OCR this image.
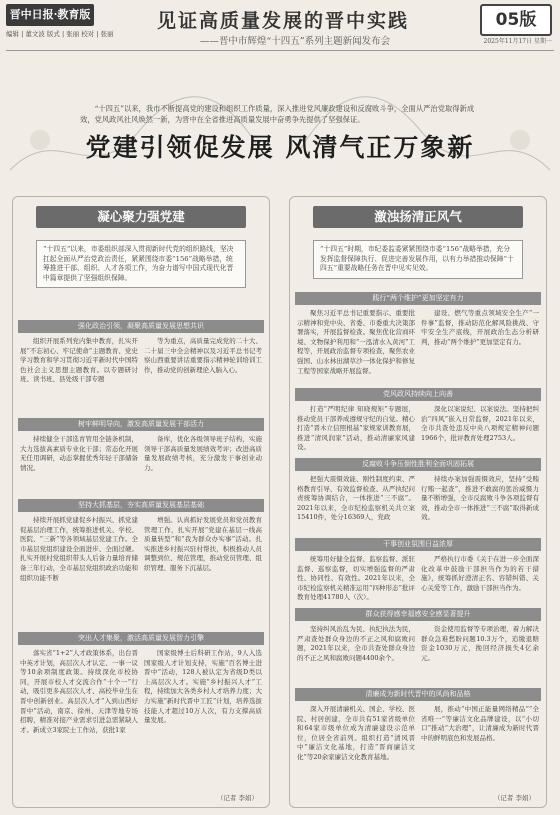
晋中日报·教育版
编辑 | 董文波 版式 | 张丽 校对 | 张丽
见证高质量发展的晋中实践
——晋中市辉煌“十四五”系列主题新闻发布会
05版
2025年11月17日 星期一

“十四五”以来，我市不断提高党的建设和组织工作质量，深入推进党风廉政建设和反腐败斗争，全面从严治党取得新成效，党风政风社风焕然一新，为晋中在全省推进高质量发展中奋勇争先提供了坚强保证。

党建引领促发展 风清气正万象新
凝心聚力强党建
“十四五”以来，市委组织部深入贯彻新时代党的组织路线，坚决扛起全面从严治党政治责任，紧紧围绕市委“156”战略举措，统筹推进干部、组织、人才各项工作，为奋力谱写中国式现代化晋中篇章提供了坚强组织保障。
强化政治引领，凝聚高质量发展思想共识

组织开展系列党内集中教育，扎实开展“不忘初心、牢记使命”主题教育、党史学习教育和学习贯彻习近平新时代中国特色社会主义思想主题教育。以专题研讨班、读书班、县处级干部专题

等为重点，高质量完成党的二十大、二十届三中全会精神以及习近平总书记考察山西重要讲话重要指示精神轮训培训工作，推动党的创新理论入脑入心。

树牢鲜明导向，激发高质量发展干部活力

持续健全干部选育管用全链条机制，大力选拔高素质专业化干部；常态化开展无任用调研，动态掌握优秀年轻干部储备情况。

备库，优化各级领导班子结构，实施领导干部高质量发展绩效考评；改进高质量发展政绩考核，充分激发干事创业动力。

坚持大抓基层，夯实高质量发展基层基础

持续开展抓党建促乡村振兴、抓党建促基层治理工作，统筹推进机关、学校、医院、“三新”等各领域基层党建工作。全市基层党组织建设全面进步、全面过硬。扎实开展村党组织带头人后备力量培育储备三年行动，全市基层党组织政治功能和组织功能不断

增强。认真抓好发展党员和党员教育管理工作，扎实开展“党建在基层一线高质量转型”和“我为群众办实事”活动。扎实推进乡村振兴驻村帮扶，积极推动人员调整到位、规范管理，推动党员管理、组织管理、服务下沉基层。

突出人才集聚，激活高质量发展智力引擎

落实省“1+2”人才政策体系，出台晋中英才计划，高层次人才认定、一事一议等10余项制度政策。持续深化市校协同，开展市校人才交流合作“十个一”行动，吸引更多高层次人才、高校毕业生在晋中创新创业。高层次人才“入到山西好晋中”活动，南京、徐州、天津等地专场招聘，精准对接产业需求引进急需紧缺人才。新成立3家院士工作站，获批1家

国家级博士后科研工作站，9人入选国家级人才计划支持，实施“百名博士进晋中”活动，128人被认定为省级D类以上高层次人才。实施“乡村振兴人才”工程，持续加大各类乡村人才培养力度；大力实施“新时代晋中工匠”计划，培养选拔技能人才超过10万人次，有力支撑高质量发展。

（记者 李娟）
激浊扬清正风气
“十四五”时期，市纪委监委紧紧围绕市委“156”战略举措，充分发挥监督保障执行、促进完善发展作用，以有力举措推动保障“十四五”重要战略任务在晋中见实见效。
践行“两个维护”更加坚定有力

聚焦习近平总书记重要指示、重要批示精神和党中央、省委、市委重大决策部署落实，开展监督检查。聚焦优化营商环境、文物保护利用和“一泓清水入黄河”工程等，开展政治监督专项检查，聚焦农业强国、山水林田湖草沙一体化保护和修复工程等国家战略开展监督。

建设、燃气等重点领域安全生产“一件事”监督，推动防范化解风险挑战、守牢安全生产底线，开展政治生态分析研判，推动“两个维护”更加坚定有力。

党风政风持续向上向善

打造“严明纪律 知晓规矩”专题展，推动党员干部养成遵规守纪的自觉。精心打造“晋木立信照根基”家规家训教育展，推进“清风润家”活动，推动清廉家风建设。

深化以案说纪、以案说法。坚持把纠治“四风”嵌入日常监督，2021年以来，全市共查处违反中央八项规定精神问题1966个，批评教育处理2753人。

反腐败斗争压倒性胜利全面巩固拓展

把强大震慑效能、刚性制度约束、严格教育引导、有效监督检查、从严执纪问责统筹协调结合，一体推进“三不腐”。2021年以来，全市纪检监察机关共立案15410件，处分16369人，党政

持续办案加强震慑效应，坚持“受贿行贿一起查”，推进不敢腐的惩治威慑力量不断增强，全市反腐败斗争各项监督有效，推动全市一体推进“三不腐”取得新成效。

干事创业氛围日益浓厚

统筹用好健全监督、监察监督、派驻监督、巡察监督，切实增强监督的严肃性、协同性、有效性。2021年以来，全市纪检监察机关精准运用“四种形态”批评教育处理41780人（次）。

严格执行市委《关于在进一步全面深化改革中鼓励干部担当作为的若干措施》，统筹抓好澄清正名、容错纠错、关心关爱等工作，激励干部担当作为。

群众获得感幸福感安全感显著提升

坚持纠风治乱为民、执纪执法为民，严肃查处群众身边的不正之风和腐败问题，2021年以来，全市共查处群众身边的不正之风和腐败问题4400余个。

资金使用监督等专项治理，着力解决群众急难愁盼问题10.3万个，追缴退赔资金1030万元，挽回经济损失4亿余元。

清廉成为新时代晋中的风尚和品格

深入开展清廉机关、国企、学校、医院、村居创建，全市共有51家省级单位和64家市级单位成为清廉建设示范单位，位居全省前列。组织打造“清风晋中”廉洁文化基地，打造“晋商廉洁文化”等20余家廉洁文化教育基地。

展，推动“中国正能量网络精品”“全省唯一”等廉洁文化品牌建设，以“小切口”推动“大治理”，让清廉成为新时代晋中的鲜明底色和发展品格。

（记者 李娟）
